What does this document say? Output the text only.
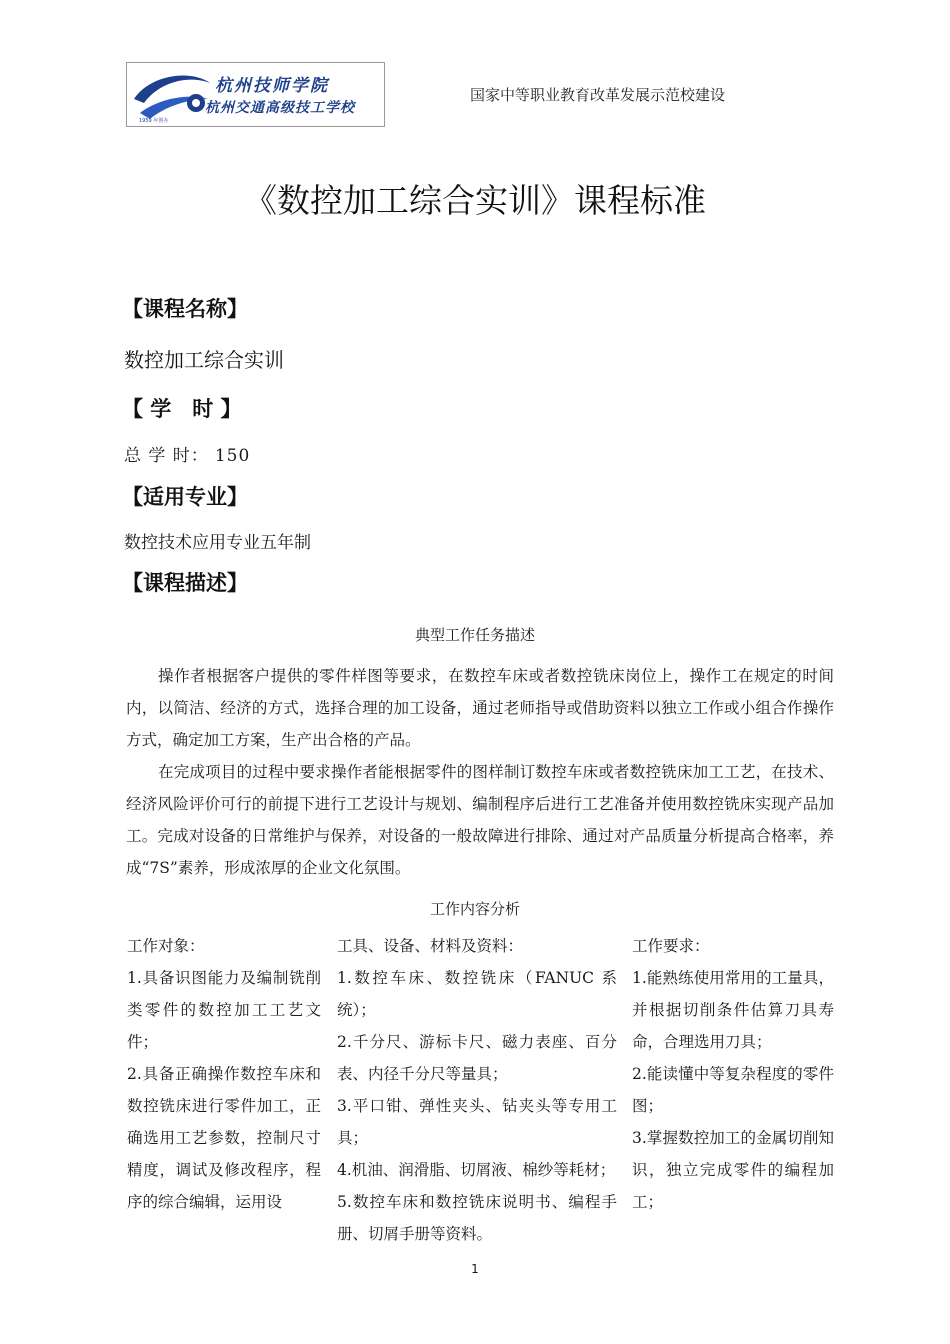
杭州技师学院
杭州交通高级技工学校
1959 年创办
国家中等职业教育改革发展示范校建设
《数控加工综合实训》课程标准
【课程名称】
数控加工综合实训
【 学　时 】
总 学 时： 150
【适用专业】
数控技术应用专业五年制
【课程描述】
典型工作任务描述
操作者根据客户提供的零件样图等要求，在数控车床或者数控铣床岗位上，操作工在规定的时间内，以简洁、经济的方式，选择合理的加工设备，通过老师指导或借助资料以独立工作或小组合作操作方式，确定加工方案，生产出合格的产品。
在完成项目的过程中要求操作者能根据零件的图样制订数控车床或者数控铣床加工工艺，在技术、经济风险评价可行的前提下进行工艺设计与规划、编制程序后进行工艺准备并使用数控铣床实现产品加工。完成对设备的日常维护与保养，对设备的一般故障进行排除、通过对产品质量分析提高合格率，养成“7S”素养，形成浓厚的企业文化氛围。
工作内容分析

工作对象：

1.具备识图能力及编制铣削类零件的数控加工工艺文件；

2.具备正确操作数控车床和数控铣床进行零件加工，正确选用工艺参数，控制尺寸精度，调试及修改程序，程序的综合编辑，运用设

工具、设备、材料及资料：

1.数控车床、数控铣床（FANUC 系统）；

2.千分尺、游标卡尺、磁力表座、百分表、内径千分尺等量具；

3.平口钳、弹性夹头、钻夹头等专用工具；

4.机油、润滑脂、切屑液、棉纱等耗材；

5.数控车床和数控铣床说明书、编程手册、切屑手册等资料。

工作要求：

1.能熟练使用常用的工量具，并根据切削条件估算刀具寿命，合理选用刀具；

2.能读懂中等复杂程度的零件图；

3.掌握数控加工的金属切削知识，独立完成零件的编程加工；

1
